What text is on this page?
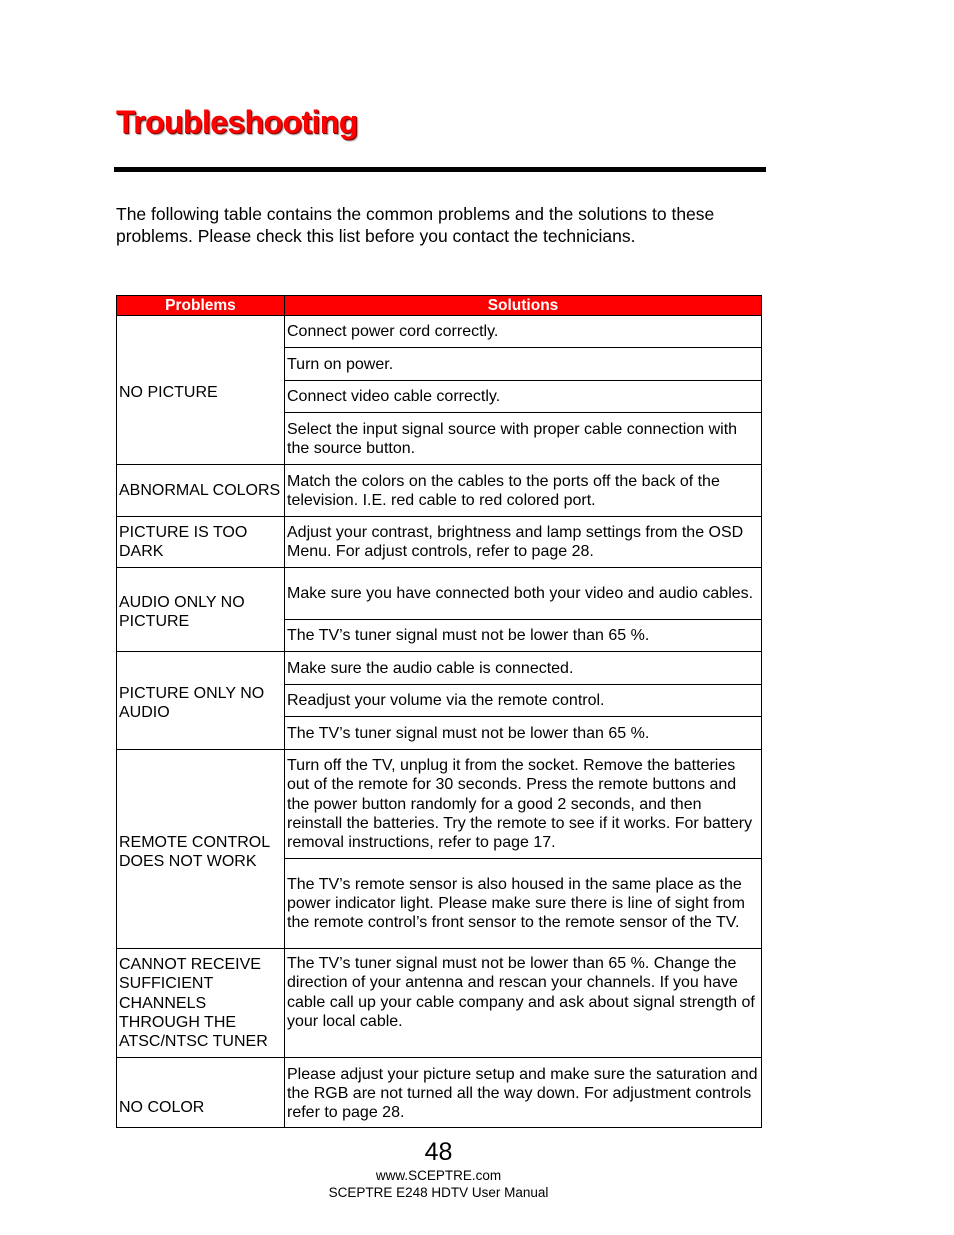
Troubleshooting

The following table contains the common problems and the solutions to these problems. Please check this list before you contact the technicians.

Problems	Solutions
NO PICTURE	Connect power cord correctly.
	Turn on power.
	Connect video cable correctly.
	Select the input signal source with proper cable connection with the source button.
ABNORMAL COLORS	Match the colors on the cables to the ports off the back of the television. I.E. red cable to red colored port.
PICTURE IS TOO DARK	Adjust your contrast, brightness and lamp settings from the OSD Menu. For adjust controls, refer to page 28.
AUDIO ONLY NO PICTURE	Make sure you have connected both your video and audio cables.
	The TV’s tuner signal must not be lower than 65 %.
PICTURE ONLY NO AUDIO	Make sure the audio cable is connected.
	Readjust your volume via the remote control.
	The TV’s tuner signal must not be lower than 65 %.
REMOTE CONTROL DOES NOT WORK	Turn off the TV, unplug it from the socket. Remove the batteries out of the remote for 30 seconds. Press the remote buttons and the power button randomly for a good 2 seconds, and then reinstall the batteries. Try the remote to see if it works. For battery removal instructions, refer to page 17.
	The TV’s remote sensor is also housed in the same place as the power indicator light. Please make sure there is line of sight from the remote control’s front sensor to the remote sensor of the TV.
CANNOT RECEIVE SUFFICIENT CHANNELS THROUGH THE ATSC/NTSC TUNER	The TV’s tuner signal must not be lower than 65 %. Change the direction of your antenna and rescan your channels. If you have cable call up your cable company and ask about signal strength of your local cable.
NO COLOR	Please adjust your picture setup and make sure the saturation and the RGB are not turned all the way down. For adjustment controls refer to page 28.
48
www.SCEPTRE.com
SCEPTRE E248 HDTV User Manual
